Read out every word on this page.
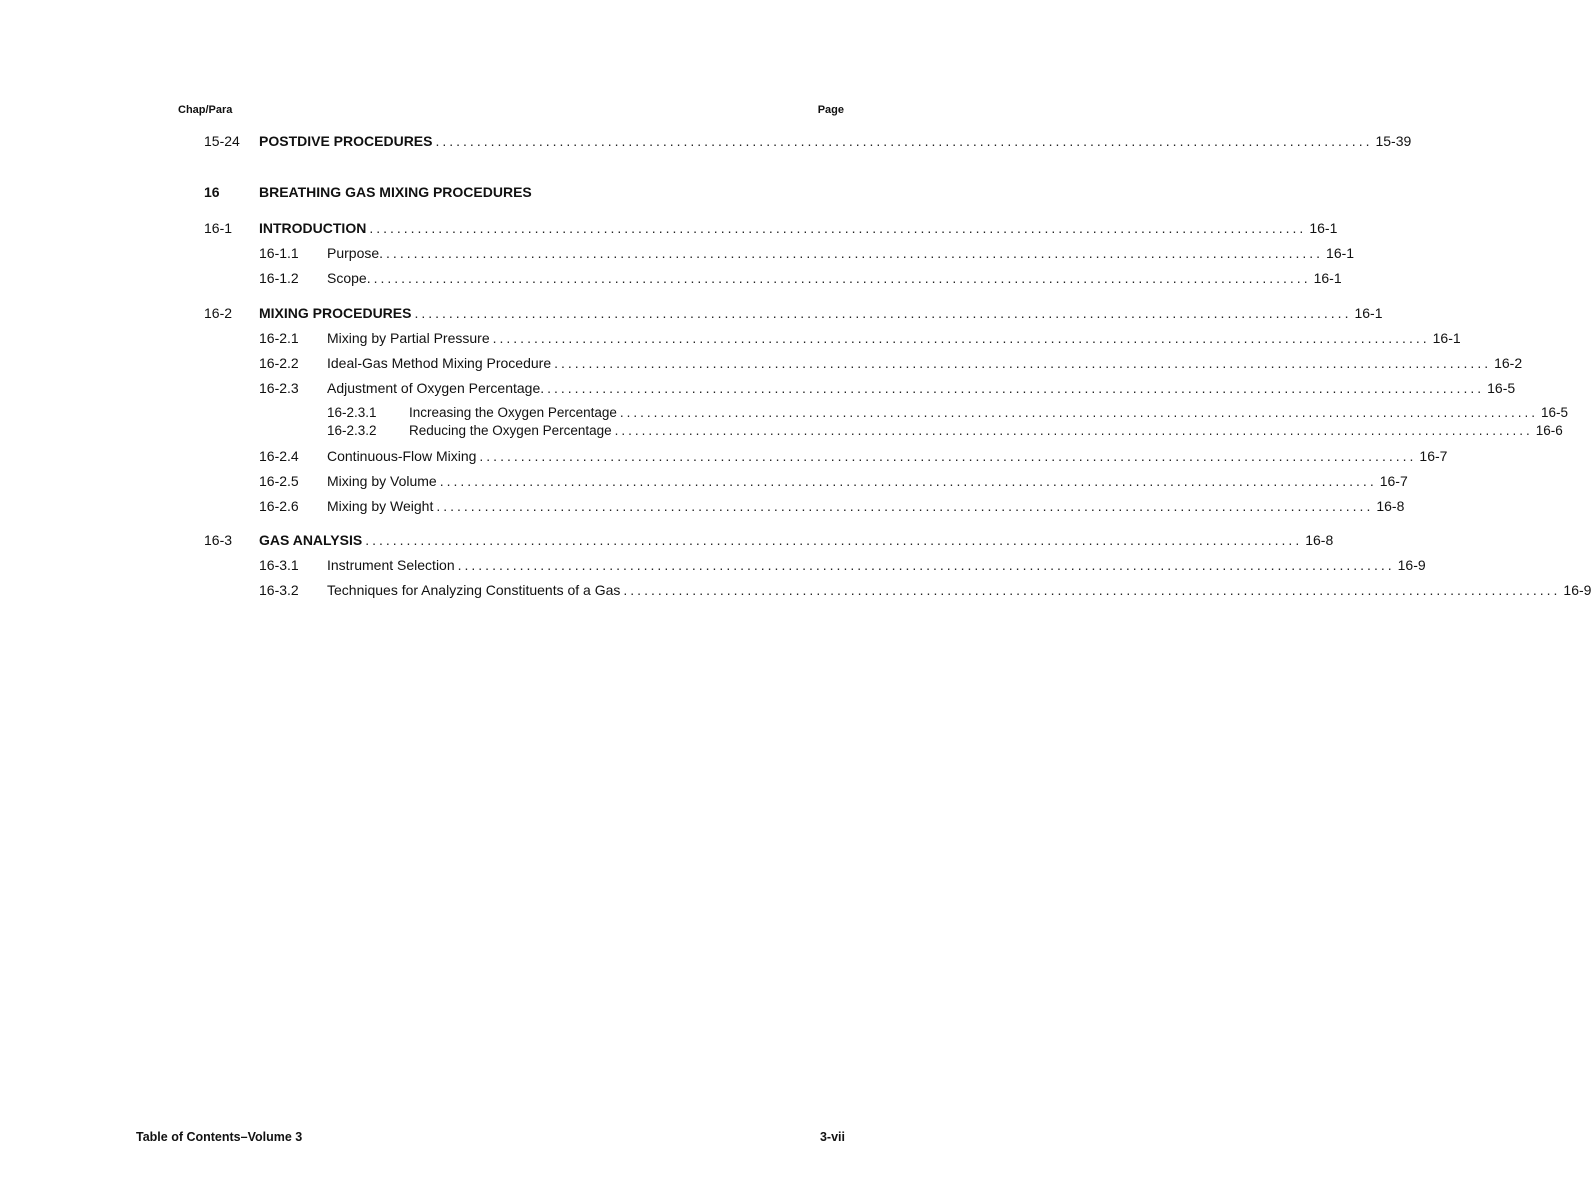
Chap/Para	Page
15-24 POSTDIVE PROCEDURES ........................................................................................................................................ 15-39
16	BREATHING GAS MIXING PROCEDURES
16-1 INTRODUCTION ........................................................................................................................................ 16-1
16-1.1 Purpose. ........................................................................................................................................ 16-1
16-1.2 Scope. ........................................................................................................................................ 16-1
16-2 MIXING PROCEDURES ........................................................................................................................................ 16-1
16-2.1 Mixing by Partial Pressure ........................................................................................................................................ 16-1
16-2.2 Ideal-Gas Method Mixing Procedure ........................................................................................................................................ 16-2
16-2.3 Adjustment of Oxygen Percentage. ........................................................................................................................................ 16-5
16-2.3.1 Increasing the Oxygen Percentage ........................................................................................................................................ 16-5
16-2.3.2 Reducing the Oxygen Percentage ........................................................................................................................................ 16-6
16-2.4 Continuous-Flow Mixing ........................................................................................................................................ 16-7
16-2.5 Mixing by Volume ........................................................................................................................................ 16-7
16-2.6 Mixing by Weight ........................................................................................................................................ 16-8
16-3 GAS ANALYSIS ........................................................................................................................................ 16-8
16-3.1 Instrument Selection ........................................................................................................................................ 16-9
16-3.2 Techniques for Analyzing Constituents of a Gas ........................................................................................................................................ 16-9
Table of Contents–Volume 3	3-vii
